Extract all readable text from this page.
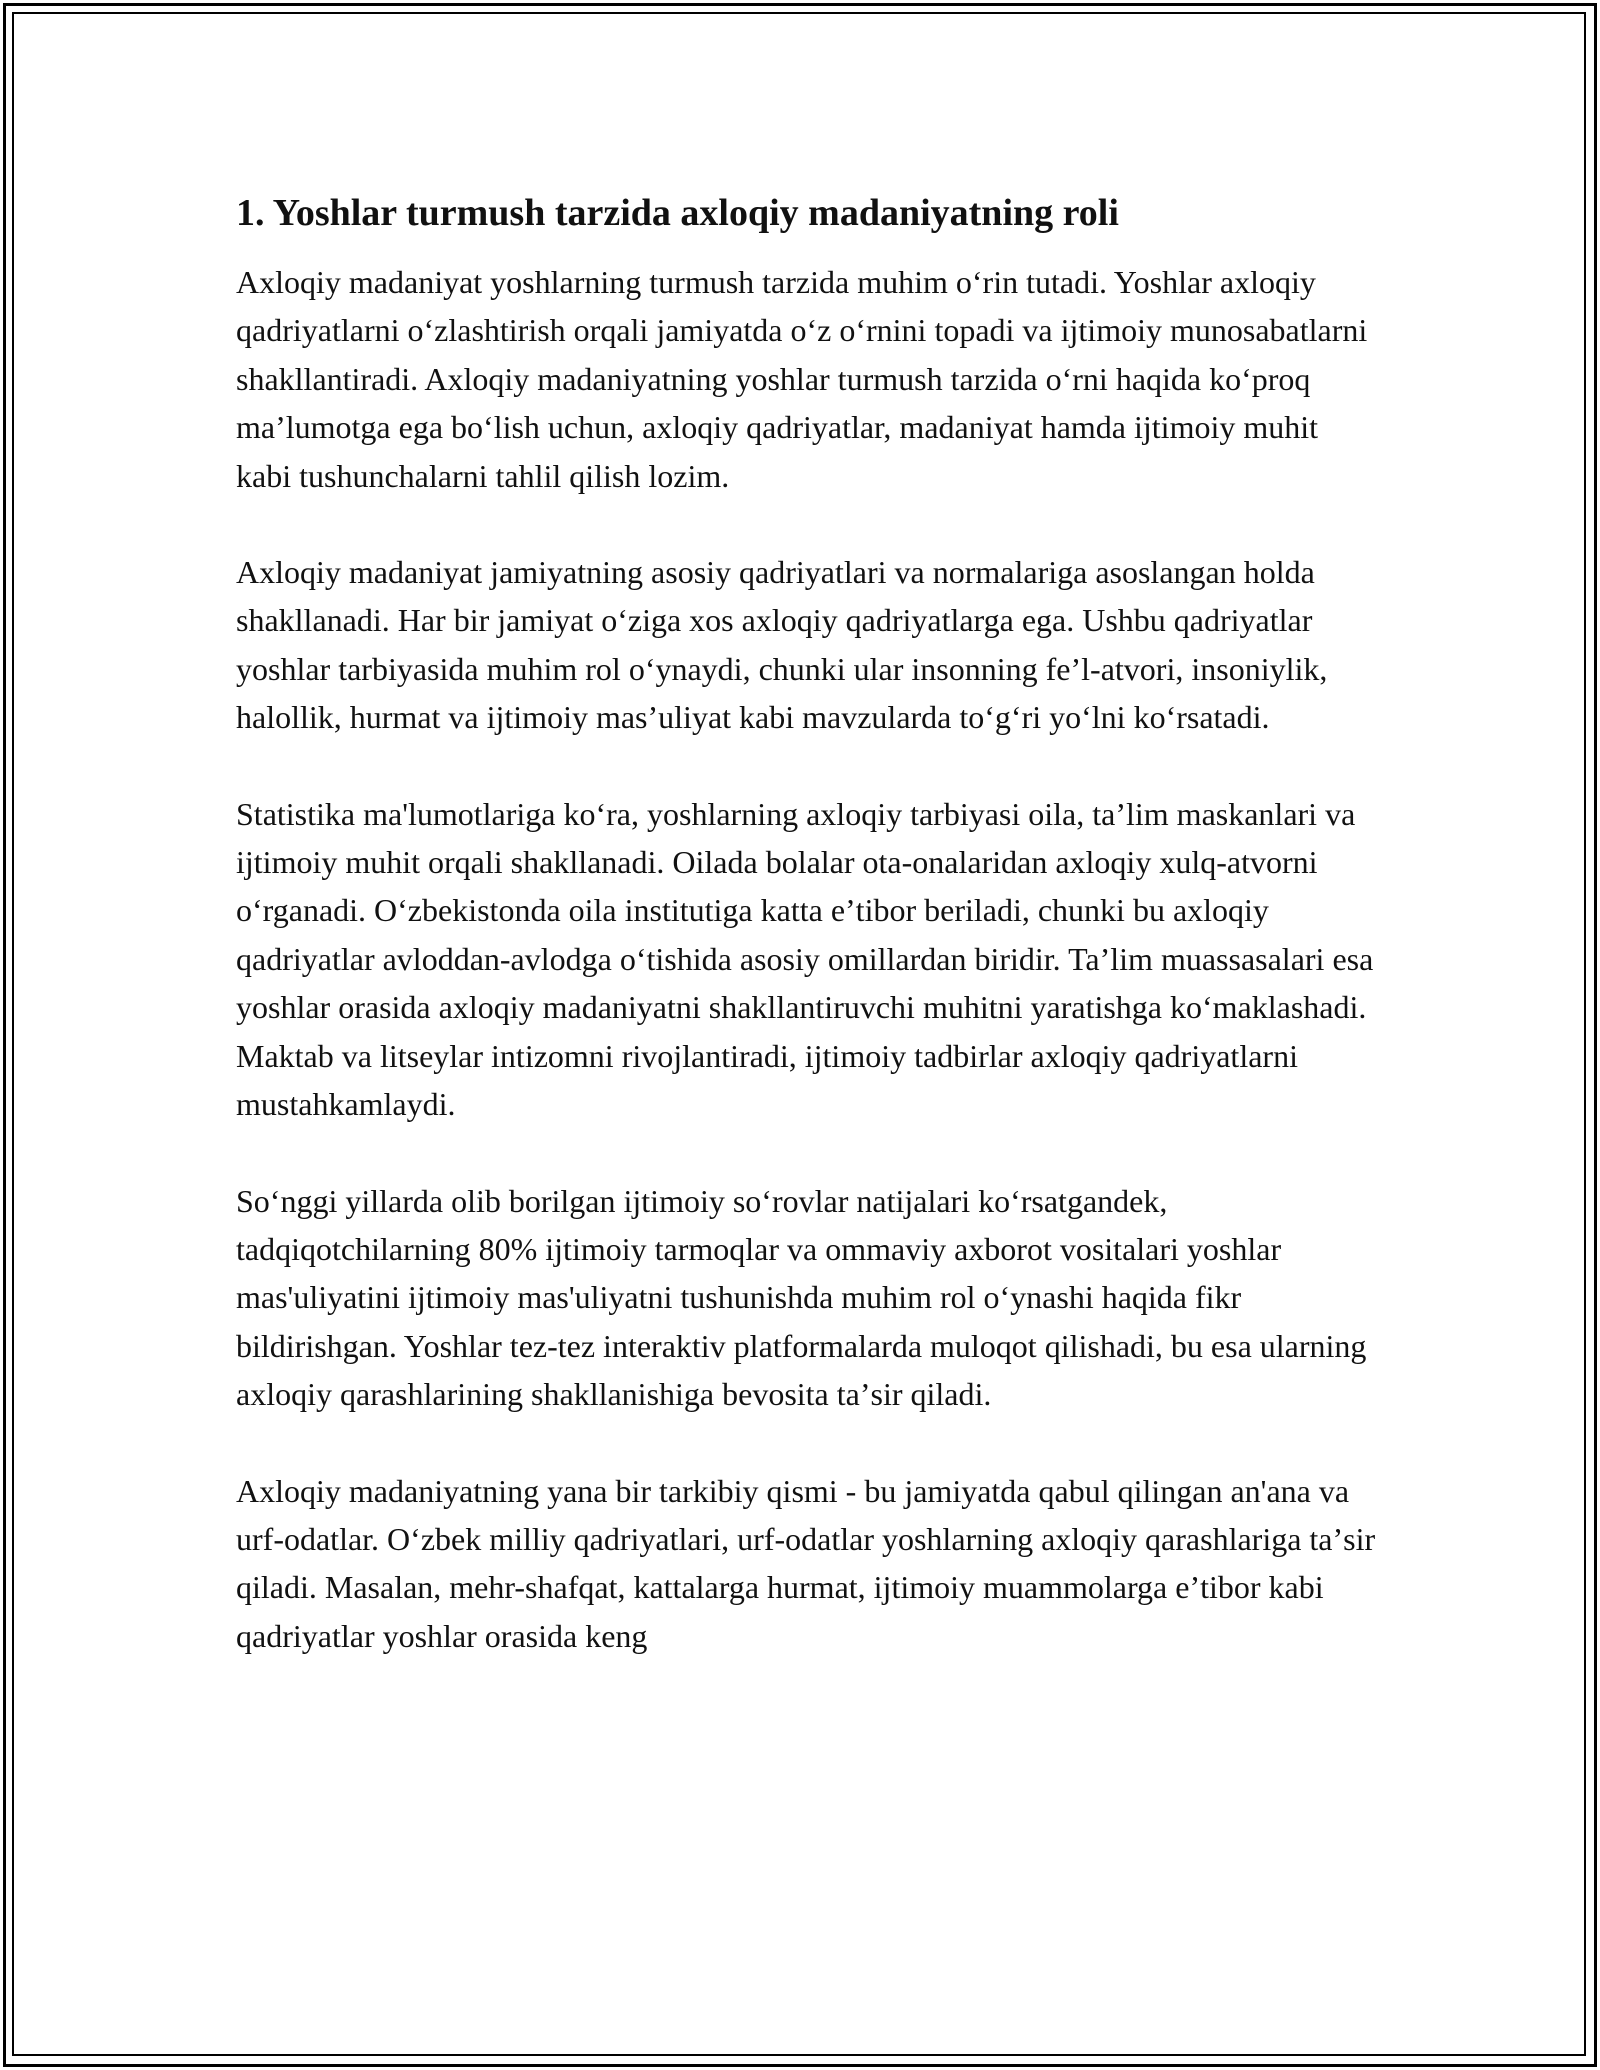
1. Yoshlar turmush tarzida axloqiy madaniyatning roli

Axloqiy madaniyat yoshlarning turmush tarzida muhim oʻrin tutadi. Yoshlar axloqiy qadriyatlarni oʻzlashtirish orqali jamiyatda oʻz oʻrnini topadi va ijtimoiy munosabatlarni shakllantiradi. Axloqiy madaniyatning yoshlar turmush tarzida oʻrni haqida koʻproq maʼlumotga ega boʻlish uchun, axloqiy qadriyatlar, madaniyat hamda ijtimoiy muhit kabi tushunchalarni tahlil qilish lozim.

Axloqiy madaniyat jamiyatning asosiy qadriyatlari va normalariga asoslangan holda shakllanadi. Har bir jamiyat oʻziga xos axloqiy qadriyatlarga ega. Ushbu qadriyatlar yoshlar tarbiyasida muhim rol oʻynaydi, chunki ular insonning feʼl-atvori, insoniylik, halollik, hurmat va ijtimoiy masʼuliyat kabi mavzularda toʻgʻri yoʻlni koʻrsatadi.

Statistika ma'lumotlariga koʻra, yoshlarning axloqiy tarbiyasi oila, taʼlim maskanlari va ijtimoiy muhit orqali shakllanadi. Oilada bolalar ota-onalaridan axloqiy xulq-atvorni oʻrganadi. Oʻzbekistonda oila institutiga katta eʼtibor beriladi, chunki bu axloqiy qadriyatlar avloddan-avlodga oʻtishida asosiy omillardan biridir. Taʼlim muassasalari esa yoshlar orasida axloqiy madaniyatni shakllantiruvchi muhitni yaratishga koʻmaklashadi. Maktab va litseylar intizomni rivojlantiradi, ijtimoiy tadbirlar axloqiy qadriyatlarni mustahkamlaydi.

Soʻnggi yillarda olib borilgan ijtimoiy soʻrovlar natijalari koʻrsatgandek, tadqiqotchilarning 80% ijtimoiy tarmoqlar va ommaviy axborot vositalari yoshlar mas'uliyatini ijtimoiy mas'uliyatni tushunishda muhim rol oʻynashi haqida fikr bildirishgan. Yoshlar tez-tez interaktiv platformalarda muloqot qilishadi, bu esa ularning axloqiy qarashlarining shakllanishiga bevosita taʼsir qiladi.

Axloqiy madaniyatning yana bir tarkibiy qismi - bu jamiyatda qabul qilingan an'ana va urf-odatlar. Oʻzbek milliy qadriyatlari, urf-odatlar yoshlarning axloqiy qarashlariga taʼsir qiladi. Masalan, mehr-shafqat, kattalarga hurmat, ijtimoiy muammolarga eʼtibor kabi qadriyatlar yoshlar orasida keng
